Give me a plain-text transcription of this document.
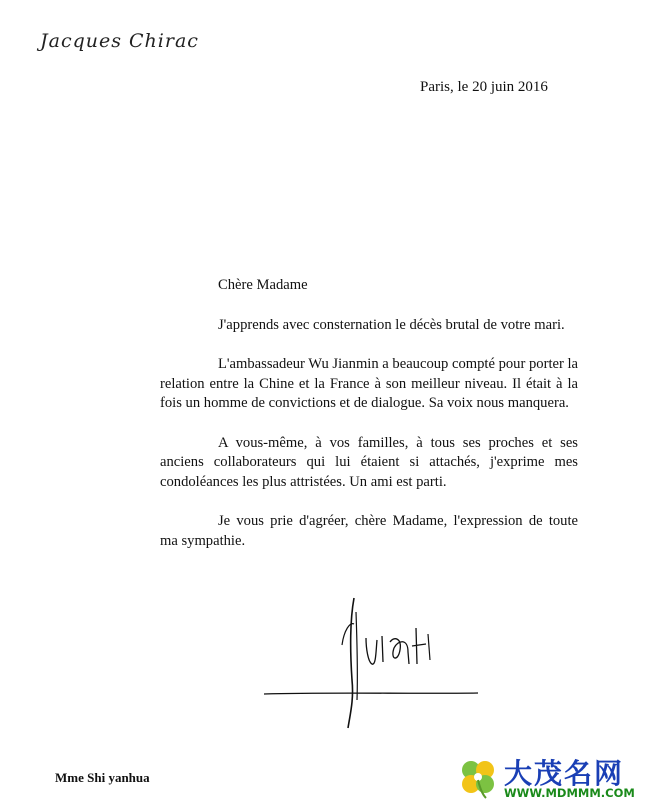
Jacques Chirac
Paris, le 20 juin 2016

Chère Madame

J'apprends avec consternation le décès brutal de votre mari.

L'ambassadeur Wu Jianmin a beaucoup compté pour porter la relation entre la Chine et la France à son meilleur niveau. Il était à la fois un homme de convictions et de dialogue. Sa voix nous manquera.

A vous-même, à vos familles, à tous ses proches et ses anciens collaborateurs qui lui étaient si attachés, j'exprime mes condoléances les plus attristées. Un ami est parti.

Je vous prie d'agréer, chère Madame, l'expression de toute ma sympathie.

Mme Shi yanhua	大茂名网
WWW.MDMMM.COM
